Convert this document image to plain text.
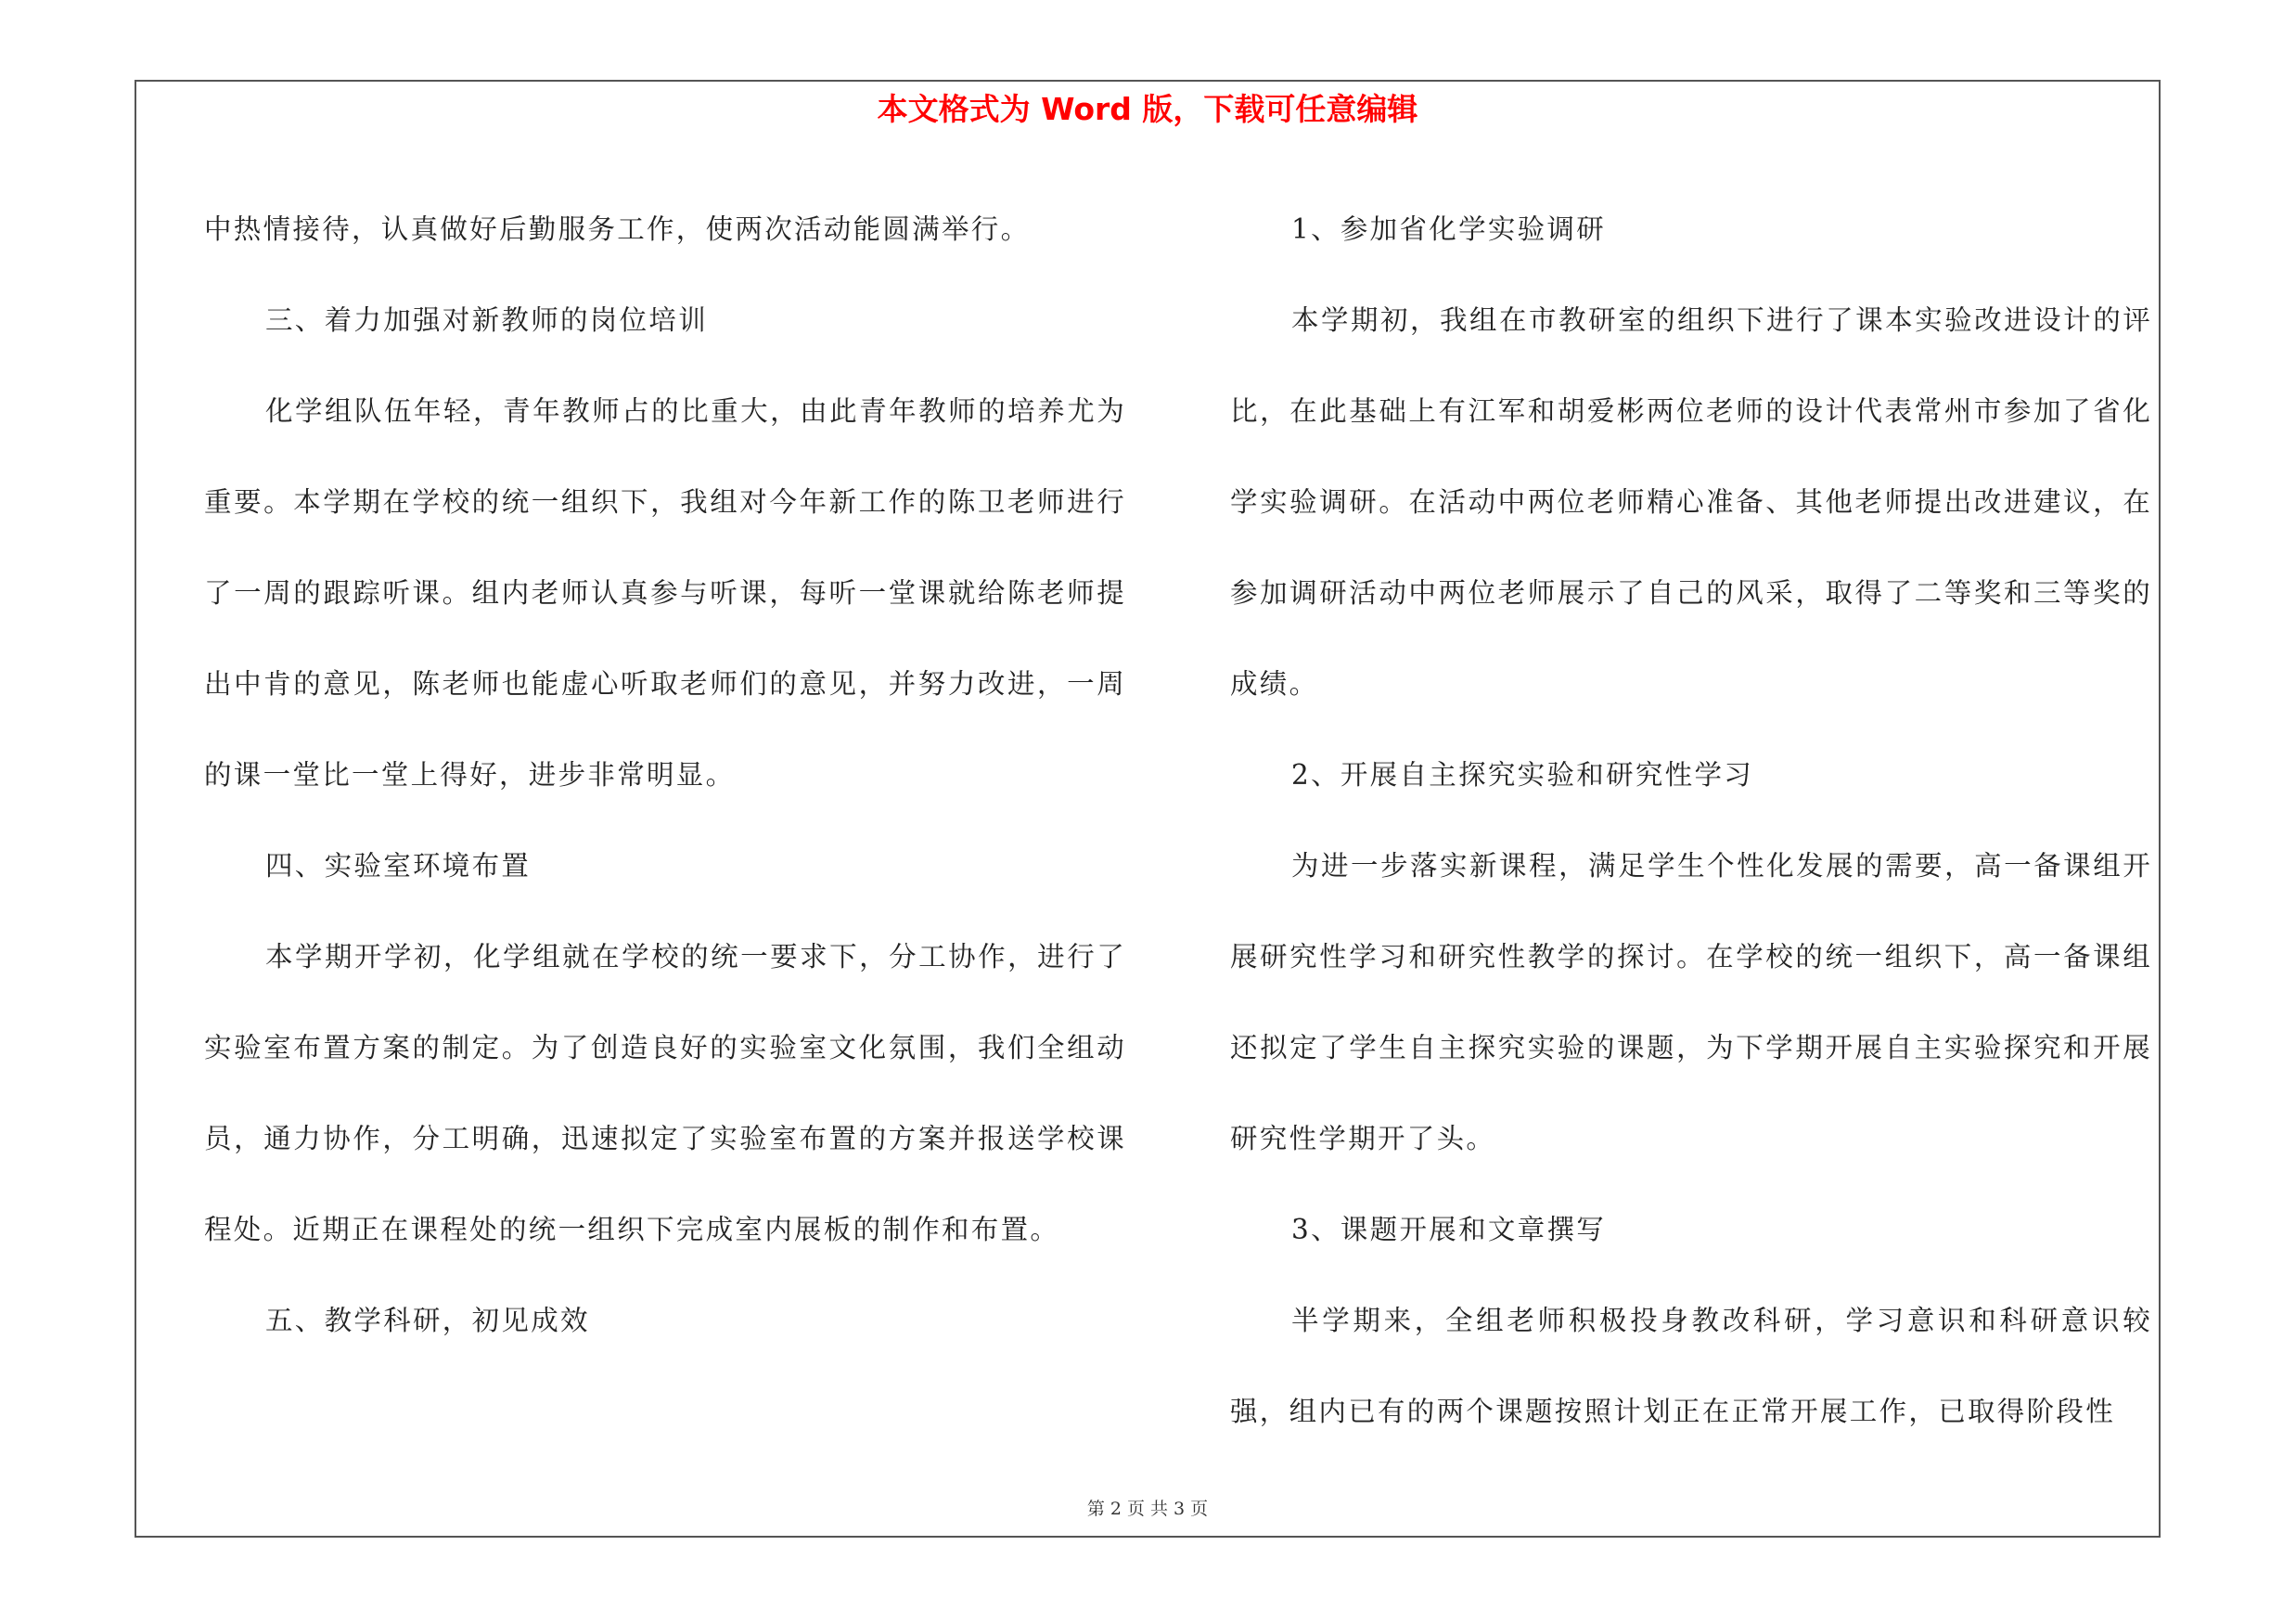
本文格式为 Word 版，下载可任意编辑

中热情接待，认真做好后勤服务工作，使两次活动能圆满举行。

三、着力加强对新教师的岗位培训

化学组队伍年轻，青年教师占的比重大，由此青年教师的培养尤为重要。本学期在学校的统一组织下，我组对今年新工作的陈卫老师进行了一周的跟踪听课。组内老师认真参与听课，每听一堂课就给陈老师提出中肯的意见，陈老师也能虚心听取老师们的意见，并努力改进，一周的课一堂比一堂上得好，进步非常明显。

四、实验室环境布置

本学期开学初，化学组就在学校的统一要求下，分工协作，进行了实验室布置方案的制定。为了创造良好的实验室文化氛围，我们全组动员，通力协作，分工明确，迅速拟定了实验室布置的方案并报送学校课程处。近期正在课程处的统一组织下完成室内展板的制作和布置。

五、教学科研，初见成效

1、参加省化学实验调研

本学期初，我组在市教研室的组织下进行了课本实验改进设计的评比，在此基础上有江军和胡爱彬两位老师的设计代表常州市参加了省化学实验调研。在活动中两位老师精心准备、其他老师提出改进建议，在参加调研活动中两位老师展示了自己的风采，取得了二等奖和三等奖的成绩。

2、开展自主探究实验和研究性学习

为进一步落实新课程，满足学生个性化发展的需要，高一备课组开展研究性学习和研究性教学的探讨。在学校的统一组织下，高一备课组还拟定了学生自主探究实验的课题，为下学期开展自主实验探究和开展研究性学期开了头。

3、课题开展和文章撰写

半学期来，全组老师积极投身教改科研，学习意识和科研意识较强，组内已有的两个课题按照计划正在正常开展工作，已取得阶段性

第 2 页 共 3 页
